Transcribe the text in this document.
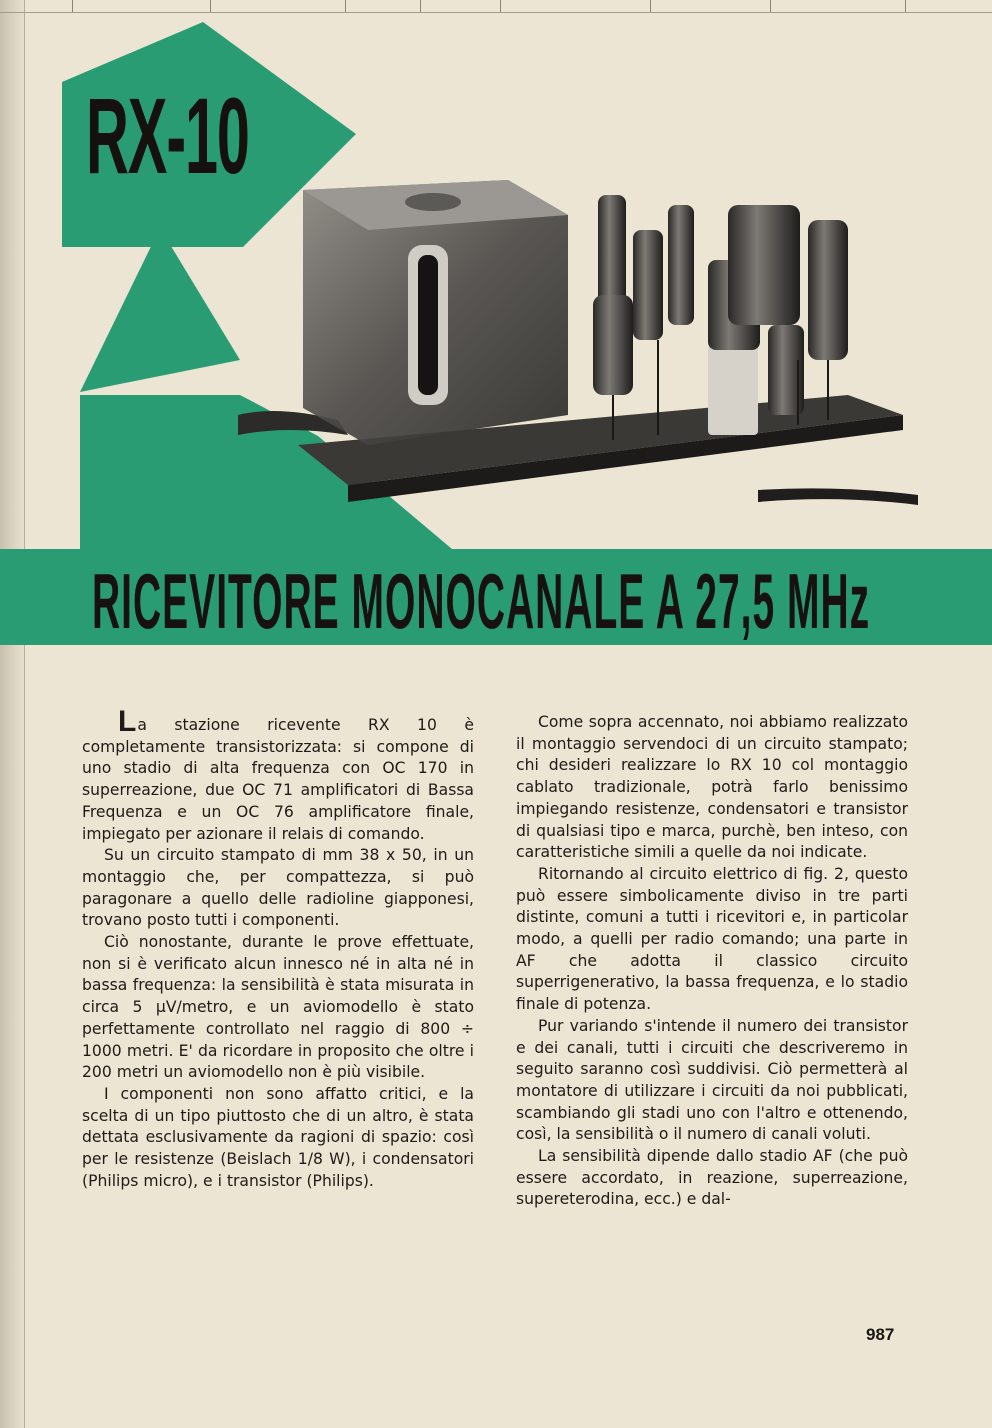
RX-10
RICEVITORE MONOCANALE A 27,5 MHz

La stazione ricevente RX 10 è completamente transistorizzata: si compone di uno stadio di alta frequenza con OC 170 in superreazione, due OC 71 amplificatori di Bassa Frequenza e un OC 76 amplificatore finale, impiegato per azionare il relais di comando.

Su un circuito stampato di mm 38 x 50, in un montaggio che, per compattezza, si può paragonare a quello delle radioline giapponesi, trovano posto tutti i componenti.

Ciò nonostante, durante le prove effettuate, non si è verificato alcun innesco né in alta né in bassa frequenza: la sensibilità è stata misurata in circa 5 μV/metro, e un aviomodello è stato perfettamente controllato nel raggio di 800 ÷ 1000 metri. E' da ricordare in proposito che oltre i 200 metri un aviomodello non è più visibile.

I componenti non sono affatto critici, e la scelta di un tipo piuttosto che di un altro, è stata dettata esclusivamente da ragioni di spazio: così per le resistenze (Beislach 1/8 W), i condensatori (Philips micro), e i transistor (Philips).

Come sopra accennato, noi abbiamo realizzato il montaggio servendoci di un circuito stampato; chi desideri realizzare lo RX 10 col montaggio cablato tradizionale, potrà farlo benissimo impiegando resistenze, condensatori e transistor di qualsiasi tipo e marca, purchè, ben inteso, con caratteristiche simili a quelle da noi indicate.

Ritornando al circuito elettrico di fig. 2, questo può essere simbolicamente diviso in tre parti distinte, comuni a tutti i ricevitori e, in particolar modo, a quelli per radio comando; una parte in AF che adotta il classico circuito superrigenerativo, la bassa frequenza, e lo stadio finale di potenza.

Pur variando s'intende il numero dei transistor e dei canali, tutti i circuiti che descriveremo in seguito saranno così suddivisi. Ciò permetterà al montatore di utilizzare i circuiti da noi pubblicati, scambiando gli stadi uno con l'altro e ottenendo, così, la sensibilità o il numero di canali voluti.

La sensibilità dipende dallo stadio AF (che può essere accordato, in reazione, superreazione, supereterodina, ecc.) e dal-

987
